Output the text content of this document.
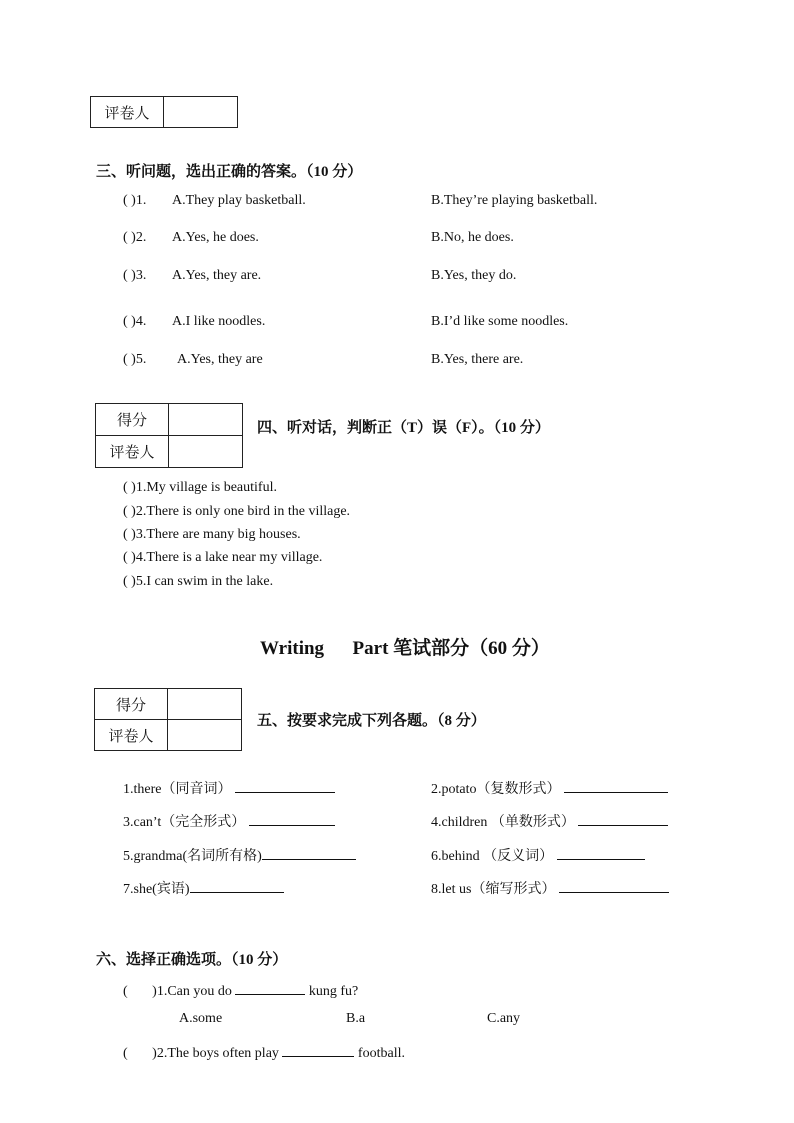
评卷人	
三、听问题，选出正确的答案。（10 分）
( )1. A.They play basketball.	B.They’re playing basketball.
( )2. A.Yes, he does.	B.No, he does.
( )3. A.Yes, they are.	B.Yes, they do.
( )4. A.I like noodles.	B.I’d like some noodles.
( )5. A.Yes, they are	B.Yes, there are.
得分	
评卷人	
四、听对话，判断正（T）误（F）。（10 分）
( )1.My village is beautiful.
( )2.There is only one bird in the village.
( )3.There are many big houses.
( )4.There is a lake near my village.
( )5.I can swim in the lake.
Writing      Part 笔试部分（60 分）
得分	
评卷人	
五、按要求完成下列各题。（8 分）
1.there（同音词）	2.potato（复数形式）
3.can’t（完全形式）	4.children （单数形式）
5.grandma(名词所有格)	6.behind （反义词）
7.she(宾语)	8.let us（缩写形式）
六、选择正确选项。（10 分）
(       )1.Can you do	kung fu?
A.some	B.a	C.any
(       )2.The boys often play	football.
